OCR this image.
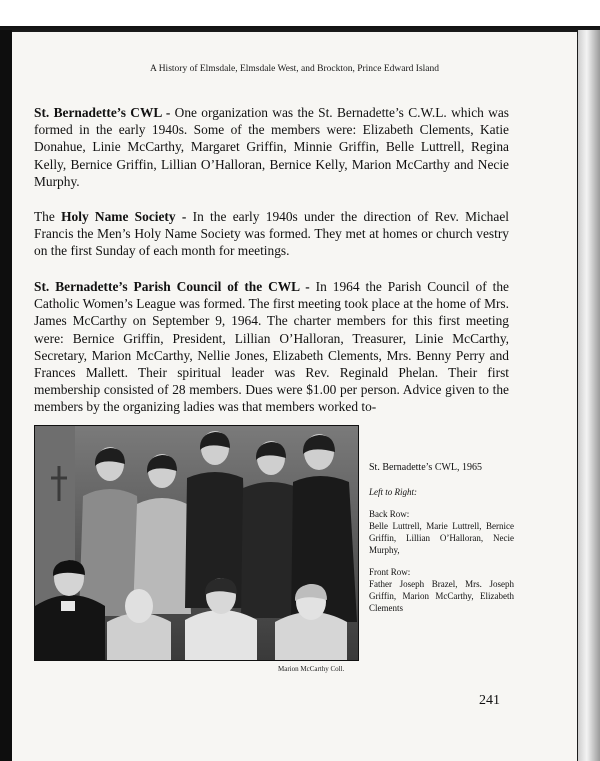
A History of Elmsdale, Elmsdale West, and Brockton, Prince Edward Island

St. Bernadette’s CWL - One organization was the St. Bernadette’s C.W.L. which was formed in the early 1940s. Some of the members were: Elizabeth Clements, Katie Donahue, Linie McCarthy, Margaret Griffin, Minnie Griffin, Belle Luttrell, Regina Kelly, Bernice Griffin, Lillian O’Halloran, Bernice Kelly, Marion McCarthy and Necie Murphy.

The Holy Name Society - In the early 1940s under the direction of Rev. Michael Francis the Men’s Holy Name Society was formed. They met at homes or church vestry on the first Sunday of each month for meetings.

St. Bernadette’s Parish Council of the CWL - In 1964 the Parish Council of the Catholic Women’s League was formed. The first meeting took place at the home of Mrs. James McCarthy on September 9, 1964. The charter members for this first meeting were: Bernice Griffin, President, Lillian O’Halloran, Treasurer, Linie McCarthy, Secretary, Marion McCarthy, Nellie Jones, Elizabeth Clements, Mrs. Benny Perry and Frances Mallett. Their spiritual leader was Rev. Reginald Phelan. Their first membership consisted of 28 members. Dues were $1.00 per person. Advice given to the members by the organizing ladies was that members worked to-

Marion McCarthy Coll.
St. Bernadette’s CWL, 1965
Left to Right:
Back Row:
Belle Luttrell, Marie Luttrell, Bernice Griffin, Lillian O’Halloran, Necie Murphy,
Front Row:
Father Joseph Brazel, Mrs. Joseph Griffin, Marion McCarthy, Elizabeth Clements
241
